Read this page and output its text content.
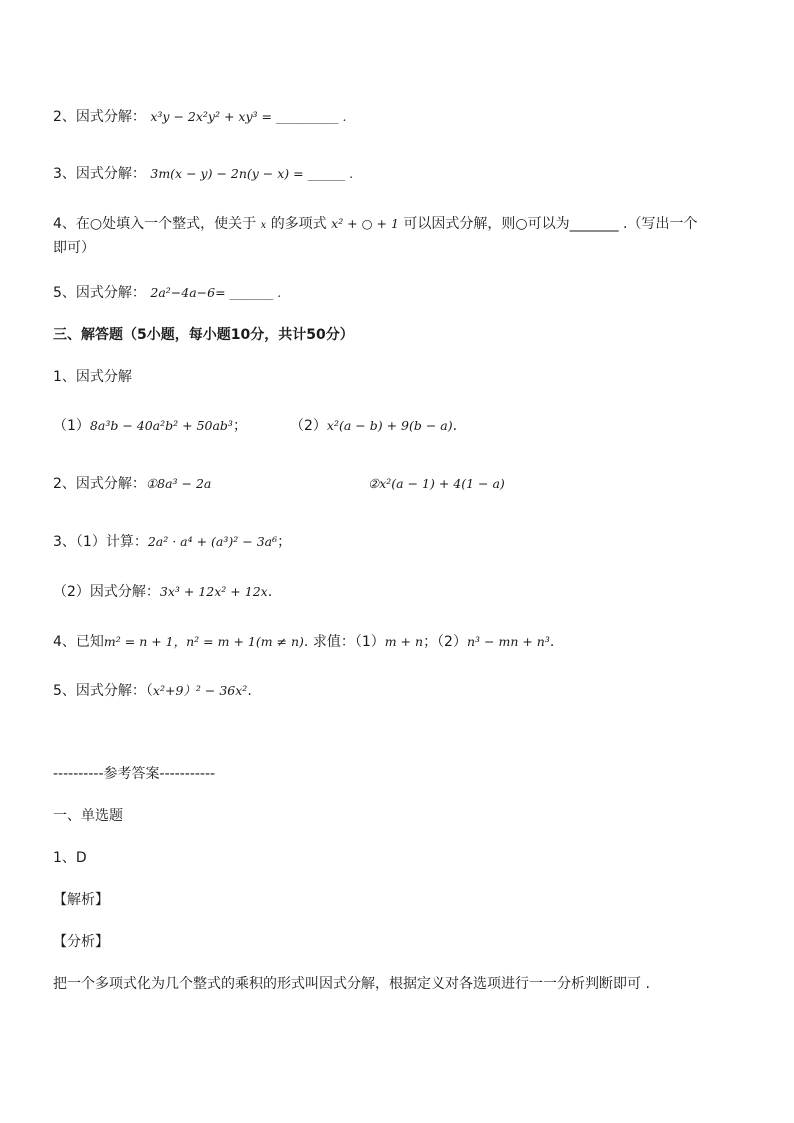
2、因式分解： x³y − 2x²y² + xy³ = __________ .
3、因式分解： 3m(x − y) − 2n(y − x) = ______ .
4、在○处填入一个整式，使关于 x 的多项式 x² + ○ + 1 可以因式分解，则○可以为_______ .（写出一个
即可）
5、因式分解： 2a²−4a−6= _______ .
三、解答题（5小题，每小题10分，共计50分）
1、因式分解
（1）8a³b − 40a²b² + 50ab³；	（2）x²(a − b) + 9(b − a).
2、因式分解：①8a³ − 2a	②x²(a − 1) + 4(1 − a)
3、（1）计算：2a² · a⁴ + (a³)² − 3a⁶；
（2）因式分解：3x³ + 12x² + 12x.
4、已知m² = n + 1，n² = m + 1(m ≠ n). 求值：（1）m + n；（2）n³ − mn + n³.
5、因式分解：（x²+9）² − 36x².
----------参考答案-----------
一、单选题
1、D
【解析】
【分析】
把一个多项式化为几个整式的乘积的形式叫因式分解，根据定义对各选项进行一一分析判断即可 .
